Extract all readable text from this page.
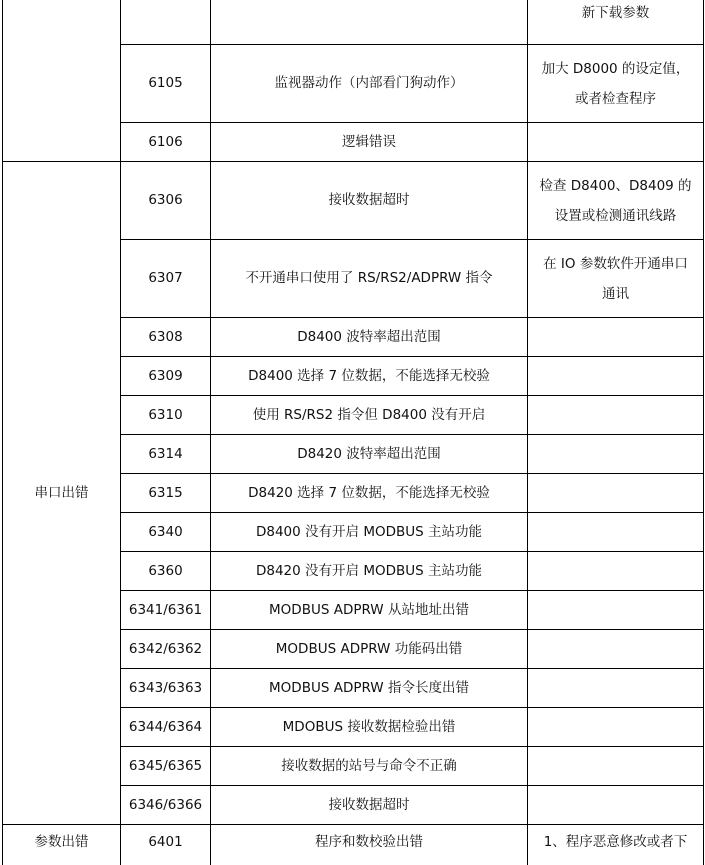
			新下载参数

	6105	监视器动作（内部看门狗动作）	加大 D8000 的设定值，
或者检查程序

	6106	逻辑错误	
串口出错	6306	接收数据超时	检查 D8400、D8409 的
设置或检测通讯线路

	6307	不开通串口使用了 RS/RS2/ADPRW 指令	在 IO 参数软件开通串口
通讯

	6308	D8400 波特率超出范围	
	6309	D8400 选择 7 位数据，不能选择无校验	
	6310	使用 RS/RS2 指令但 D8400 没有开启	
	6314	D8420 波特率超出范围	
	6315	D8420 选择 7 位数据，不能选择无校验	
	6340	D8400 没有开启 MODBUS 主站功能	
	6360	D8420 没有开启 MODBUS 主站功能	
	6341/6361	MODBUS ADPRW 从站地址出错	
	6342/6362	MODBUS ADPRW 功能码出错	
	6343/6363	MODBUS ADPRW 指令长度出错	
	6344/6364	MDOBUS 接收数据检验出错	
	6345/6365	接收数据的站号与命令不正确	
	6346/6366	接收数据超时	
参数出错	6401	程序和数校验出错	1、程序恶意修改或者下
